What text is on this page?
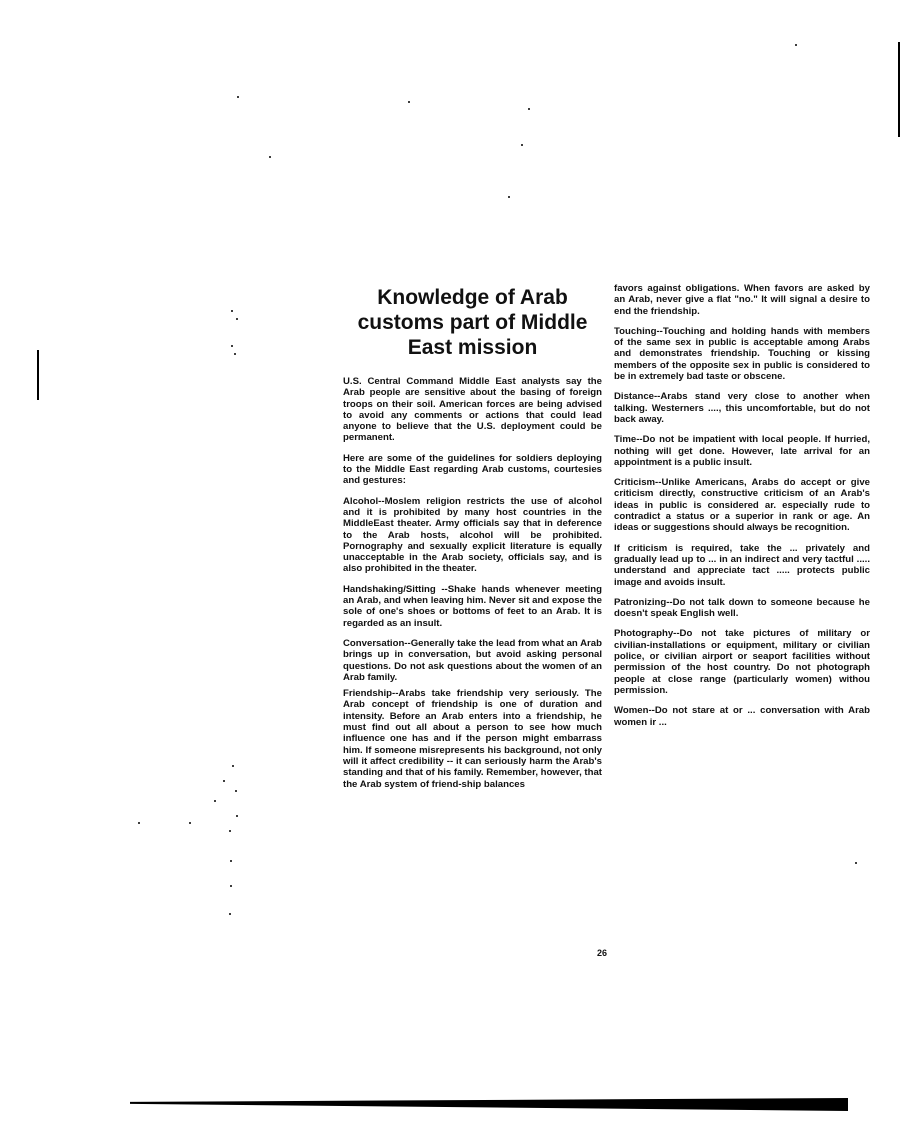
Knowledge of Arab customs part of Middle East mission

U.S. Central Command Middle East analysts say the Arab people are sensitive about the basing of foreign troops on their soil. American forces are being advised to avoid any comments or actions that could lead anyone to believe that the U.S. deployment could be permanent.

Here are some of the guidelines for soldiers deploying to the Middle East regarding Arab customs, courtesies and gestures:

Alcohol--Moslem religion restricts the use of alcohol and it is prohibited by many host countries in the MiddleEast theater. Army officials say that in deference to the Arab hosts, alcohol will be prohibited. Pornography and sexually explicit literature is equally unacceptable in the Arab society, officials say, and is also prohibited in the theater.

Handshaking/Sitting --Shake hands whenever meeting an Arab, and when leaving him. Never sit and expose the sole of one's shoes or bottoms of feet to an Arab. It is regarded as an insult.

Conversation--Generally take the lead from what an Arab brings up in conversation, but avoid asking personal questions. Do not ask questions about the women of an Arab family.

Friendship--Arabs take friendship very seriously. The Arab concept of friendship is one of duration and intensity. Before an Arab enters into a friendship, he must find out all about a person to see how much influence one has and if the person might embarrass him. If someone misrepresents his background, not only will it affect credibility -- it can seriously harm the Arab's standing and that of his family. Remember, however, that the Arab system of friend-ship balances

favors against obligations. When favors are asked by an Arab, never give a flat "no." It will signal a desire to end the friendship.

Touching--Touching and holding hands with members of the same sex in public is acceptable among Arabs and demonstrates friendship. Touching or kissing members of the opposite sex in public is considered to be in extremely bad taste or obscene.

Distance--Arabs stand very close to another when talking. Westerners ...., this uncomfortable, but do not back away.

Time--Do not be impatient with local people. If hurried, nothing will get done. However, late arrival for an appointment is a public insult.

Criticism--Unlike Americans, Arabs do accept or give criticism directly, constructive criticism of an Arab's ideas in public is considered ar. especially rude to contradict a status or a superior in rank or age. An ideas or suggestions should always be recognition.

If criticism is required, take the ... privately and gradually lead up to ... in an indirect and very tactful ..... understand and appreciate tact ..... protects public image and avoids insult.

Patronizing--Do not talk down to someone because he doesn't speak English well.

Photography--Do not take pictures of military or civilian-installations or equipment, military or civilian police, or civilian airport or seaport facilities without permission of the host country. Do not photograph people at close range (particularly women) withou permission.

Women--Do not stare at or ... conversation with Arab women ir ...

26
